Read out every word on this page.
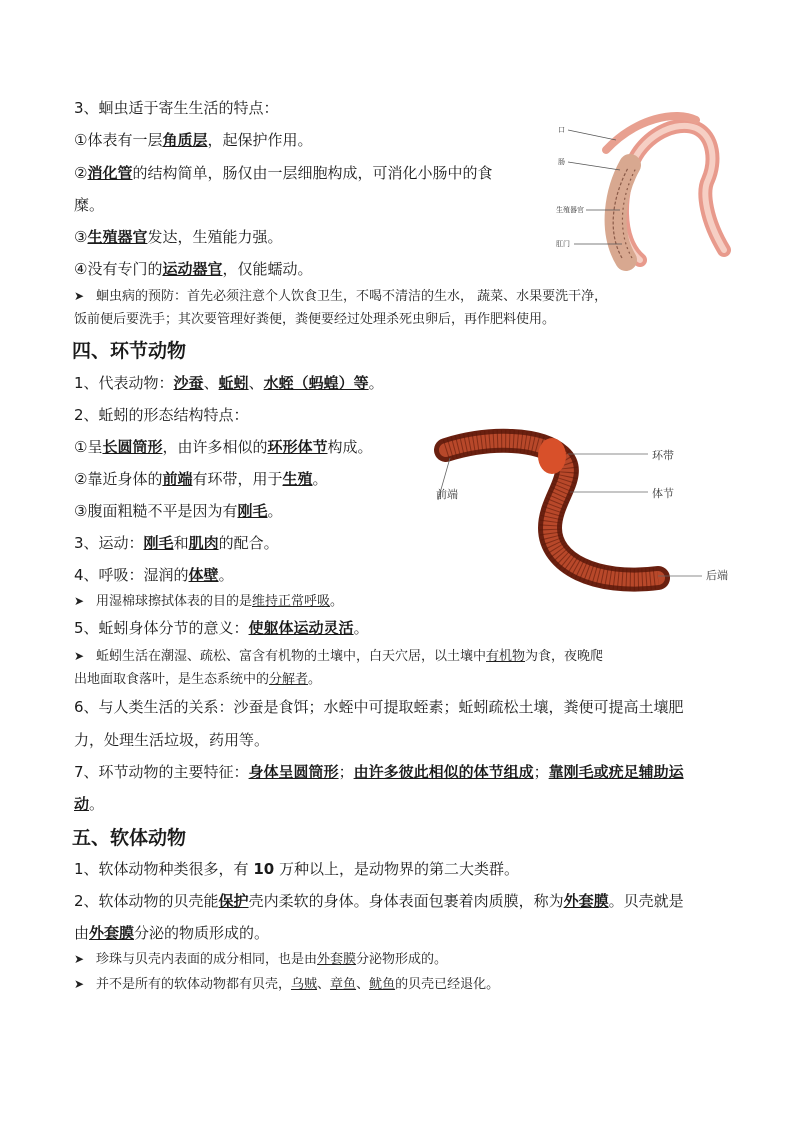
3、蛔虫适于寄生生活的特点：
①体表有一层角质层，起保护作用。
②消化管的结构简单，肠仅由一层细胞构成，可消化小肠中的食
糜。
③生殖器官发达，生殖能力强。
④没有专门的运动器官，仅能蠕动。
➤ 蛔虫病的预防：首先必须注意个人饮食卫生，不喝不清洁的生水， 蔬菜、水果要洗干净，
饭前便后要洗手；其次要管理好粪便，粪便要经过处理杀死虫卵后，再作肥料使用。
口
肠
生殖器官
肛门
四、环节动物
1、代表动物：沙蚕、蚯蚓、水蛭（蚂蝗）等。
2、蚯蚓的形态结构特点：
①呈长圆筒形，由许多相似的环形体节构成。
②靠近身体的前端有环带，用于生殖。
③腹面粗糙不平是因为有刚毛。
3、运动：刚毛和肌肉的配合。
4、呼吸：湿润的体壁。
➤ 用湿棉球擦拭体表的目的是维持正常呼吸。
5、蚯蚓身体分节的意义：使躯体运动灵活。
➤ 蚯蚓生活在潮湿、疏松、富含有机物的土壤中，白天穴居，以土壤中有机物为食，夜晚爬
出地面取食落叶，是生态系统中的分解者。
6、与人类生活的关系：沙蚕是食饵；水蛭中可提取蛭素；蚯蚓疏松土壤，粪便可提高土壤肥
力，处理生活垃圾，药用等。
7、环节动物的主要特征：身体呈圆筒形；由许多彼此相似的体节组成；靠刚毛或疣足辅助运
动。
环带
体节
前端
后端
五、软体动物
1、软体动物种类很多，有 10 万种以上，是动物界的第二大类群。
2、软体动物的贝壳能保护壳内柔软的身体。身体表面包裹着肉质膜，称为外套膜。贝壳就是
由外套膜分泌的物质形成的。
➤ 珍珠与贝壳内表面的成分相同，也是由外套膜分泌物形成的。
➤ 并不是所有的软体动物都有贝壳，乌贼、章鱼、鱿鱼的贝壳已经退化。
